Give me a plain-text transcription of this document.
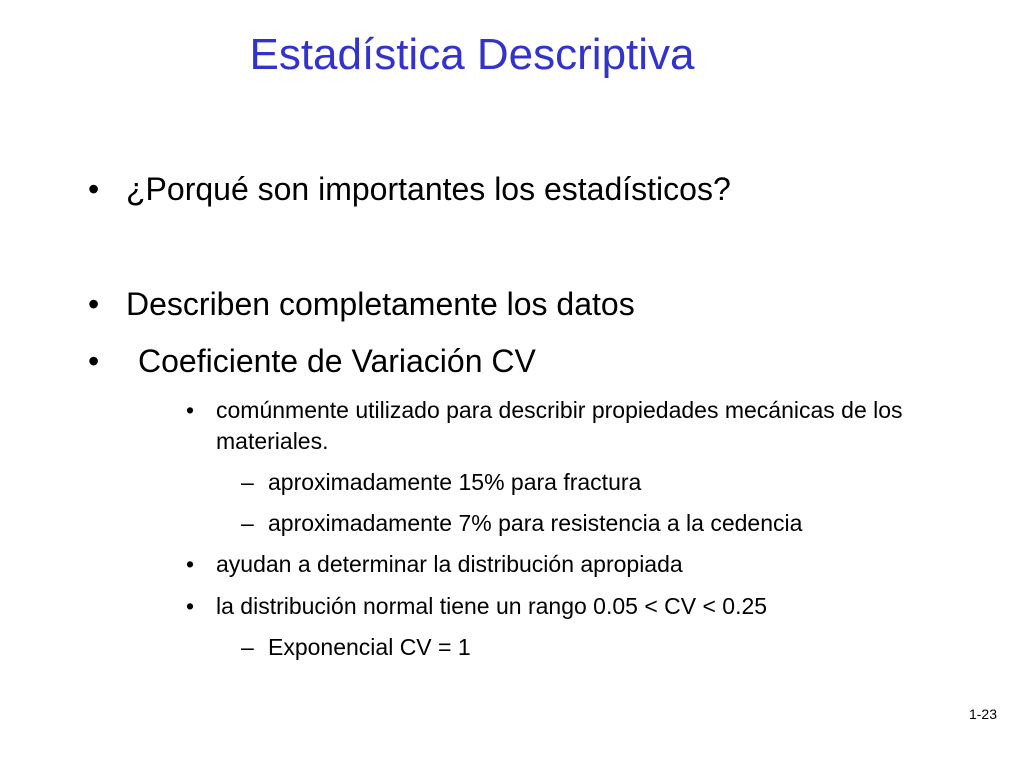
Estadística Descriptiva
• ¿Porqué son importantes los estadísticos?
• Describen completamente los datos
•	Coeficiente de Variación CV
• comúnmente utilizado para describir propiedades mecánicas de los materiales.
– aproximadamente 15% para fractura
– aproximadamente 7% para resistencia a la cedencia
• ayudan a determinar la distribución apropiada
• la distribución normal tiene un rango 0.05 < CV < 0.25
– Exponencial CV = 1
1-23
